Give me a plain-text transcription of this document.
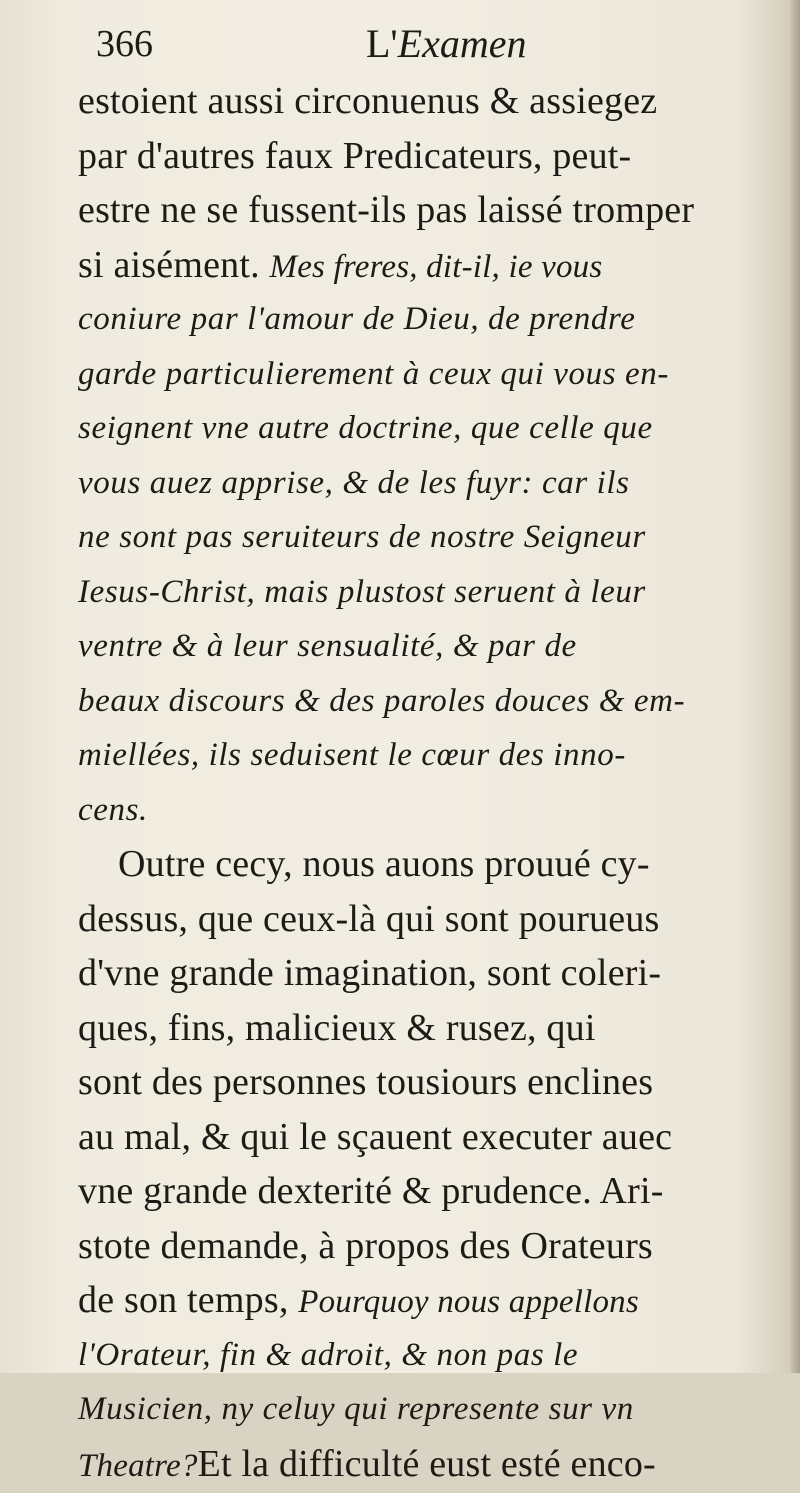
366	L'Examen
estoient aussi circonuenus & assiegez
par d'autres faux Predicateurs, peut-
estre ne se fussent-ils pas laissé tromper
si aisément. Mes freres, dit-il, ie vous
coniure par l'amour de Dieu, de prendre
garde particulierement à ceux qui vous en-
seignent vne autre doctrine, que celle que
vous auez apprise, & de les fuyr: car ils
ne sont pas seruiteurs de nostre Seigneur
Iesus-Christ, mais plustost seruent à leur
ventre & à leur sensualité, & par de
beaux discours & des paroles douces & em-
miellées, ils seduisent le cœur des inno-
cens.
Outre cecy, nous auons prouué cy-
dessus, que ceux-là qui sont pourueus
d'vne grande imagination, sont coleri-
ques, fins, malicieux & rusez, qui
sont des personnes tousiours enclines
au mal, & qui le sçauent executer auec
vne grande dexterité & prudence. Ari-
stote demande, à propos des Orateurs
de son temps, Pourquoy nous appellons
l'Orateur, fin & adroit, & non pas le
Musicien, ny celuy qui represente sur vn
Theatre?Et la difficulté eust esté enco-
